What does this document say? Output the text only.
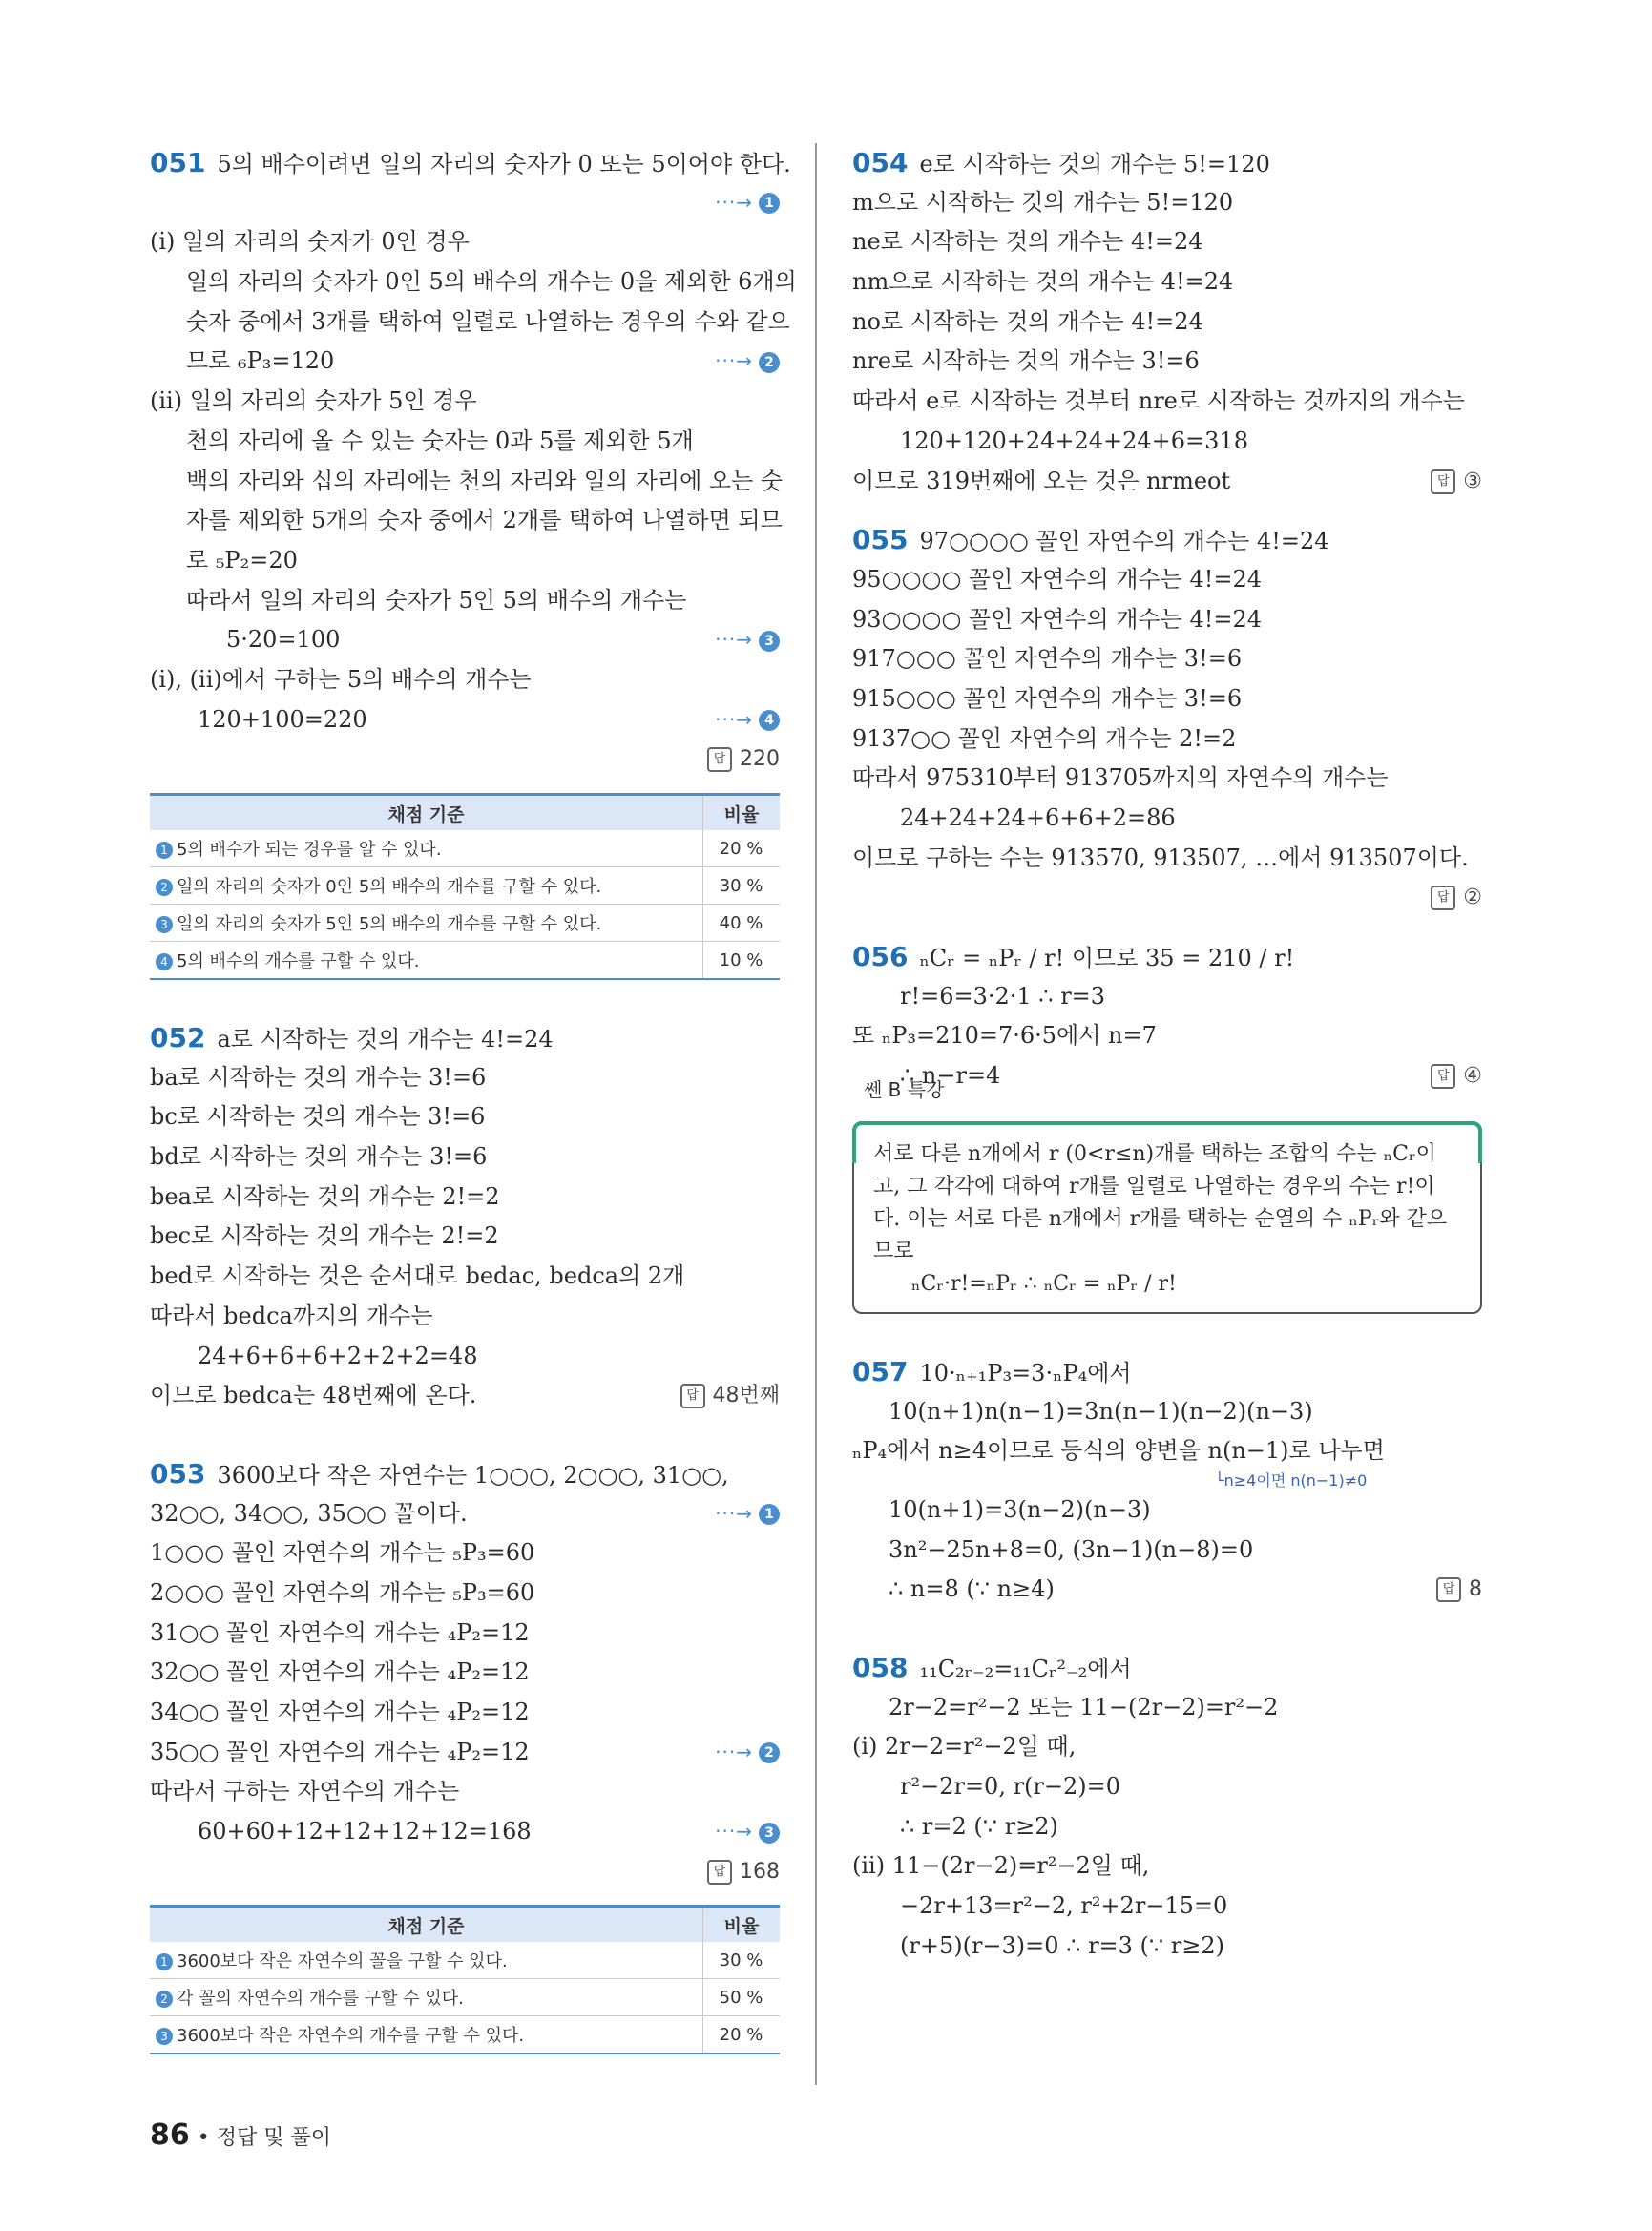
051 5의 배수이려면 일의 자리의 숫자가 0 또는 5이어야 한다.
···→ 1
(i) 일의 자리의 숫자가 0인 경우
일의 자리의 숫자가 0인 5의 배수의 개수는 0을 제외한 6개의
숫자 중에서 3개를 택하여 일렬로 나열하는 경우의 수와 같으
므로 ₆P₃=120	···→ 2
(ii) 일의 자리의 숫자가 5인 경우
천의 자리에 올 수 있는 숫자는 0과 5를 제외한 5개
백의 자리와 십의 자리에는 천의 자리와 일의 자리에 오는 숫
자를 제외한 5개의 숫자 중에서 2개를 택하여 나열하면 되므
로 ₅P₂=20
따라서 일의 자리의 숫자가 5인 5의 배수의 개수는
5·20=100	···→ 3
(i), (ii)에서 구하는 5의 배수의 개수는
120+100=220	···→ 4
답 220
채점 기준	비율
1 5의 배수가 되는 경우를 알 수 있다.	20 %
2 일의 자리의 숫자가 0인 5의 배수의 개수를 구할 수 있다.	30 %
3 일의 자리의 숫자가 5인 5의 배수의 개수를 구할 수 있다.	40 %
4 5의 배수의 개수를 구할 수 있다.	10 %
052 a로 시작하는 것의 개수는 4!=24
ba로 시작하는 것의 개수는 3!=6
bc로 시작하는 것의 개수는 3!=6
bd로 시작하는 것의 개수는 3!=6
bea로 시작하는 것의 개수는 2!=2
bec로 시작하는 것의 개수는 2!=2
bed로 시작하는 것은 순서대로 bedac, bedca의 2개
따라서 bedca까지의 개수는
24+6+6+6+2+2+2=48
이므로 bedca는 48번째에 온다.	답 48번째
053 3600보다 작은 자연수는 1○○○, 2○○○, 31○○,
32○○, 34○○, 35○○ 꼴이다.	···→ 1
1○○○ 꼴인 자연수의 개수는 ₅P₃=60
2○○○ 꼴인 자연수의 개수는 ₅P₃=60
31○○ 꼴인 자연수의 개수는 ₄P₂=12
32○○ 꼴인 자연수의 개수는 ₄P₂=12
34○○ 꼴인 자연수의 개수는 ₄P₂=12
35○○ 꼴인 자연수의 개수는 ₄P₂=12	···→ 2
따라서 구하는 자연수의 개수는
60+60+12+12+12+12=168	···→ 3
답 168
채점 기준	비율
1 3600보다 작은 자연수의 꼴을 구할 수 있다.	30 %
2 각 꼴의 자연수의 개수를 구할 수 있다.	50 %
3 3600보다 작은 자연수의 개수를 구할 수 있다.	20 %
054 e로 시작하는 것의 개수는 5!=120
m으로 시작하는 것의 개수는 5!=120
ne로 시작하는 것의 개수는 4!=24
nm으로 시작하는 것의 개수는 4!=24
no로 시작하는 것의 개수는 4!=24
nre로 시작하는 것의 개수는 3!=6
따라서 e로 시작하는 것부터 nre로 시작하는 것까지의 개수는
120+120+24+24+24+6=318
이므로 319번째에 오는 것은 nrmeot	답 ③
055 97○○○○ 꼴인 자연수의 개수는 4!=24
95○○○○ 꼴인 자연수의 개수는 4!=24
93○○○○ 꼴인 자연수의 개수는 4!=24
917○○○ 꼴인 자연수의 개수는 3!=6
915○○○ 꼴인 자연수의 개수는 3!=6
9137○○ 꼴인 자연수의 개수는 2!=2
따라서 975310부터 913705까지의 자연수의 개수는
24+24+24+6+6+2=86
이므로 구하는 수는 913570, 913507, …에서 913507이다.
답 ②
056 ₙCᵣ = ₙPᵣ / r! 이므로 35 = 210 / r!
r!=6=3·2·1 ∴ r=3
또 ₙP₃=210=7·6·5에서 n=7
∴ n−r=4	답 ④
쎈 B 특강
서로 다른 n개에서 r (0<r≤n)개를 택하는 조합의 수는 ₙCᵣ이
고, 그 각각에 대하여 r개를 일렬로 나열하는 경우의 수는 r!이
다. 이는 서로 다른 n개에서 r개를 택하는 순열의 수 ₙPᵣ와 같으
므로
ₙCᵣ·r!=ₙPᵣ ∴ ₙCᵣ = ₙPᵣ / r!
057 10·ₙ₊₁P₃=3·ₙP₄에서
10(n+1)n(n−1)=3n(n−1)(n−2)(n−3)
ₙP₄에서 n≥4이므로 등식의 양변을 n(n−1)로 나누면
└n≥4이면 n(n−1)≠0
10(n+1)=3(n−2)(n−3)
3n²−25n+8=0, (3n−1)(n−8)=0
∴ n=8 (∵ n≥4)	답 8
058 ₁₁C₂ᵣ₋₂=₁₁Cᵣ²₋₂에서
2r−2=r²−2 또는 11−(2r−2)=r²−2
(i) 2r−2=r²−2일 때,
r²−2r=0, r(r−2)=0
∴ r=2 (∵ r≥2)
(ii) 11−(2r−2)=r²−2일 때,
−2r+13=r²−2, r²+2r−15=0
(r+5)(r−3)=0 ∴ r=3 (∵ r≥2)
86 • 정답 및 풀이
